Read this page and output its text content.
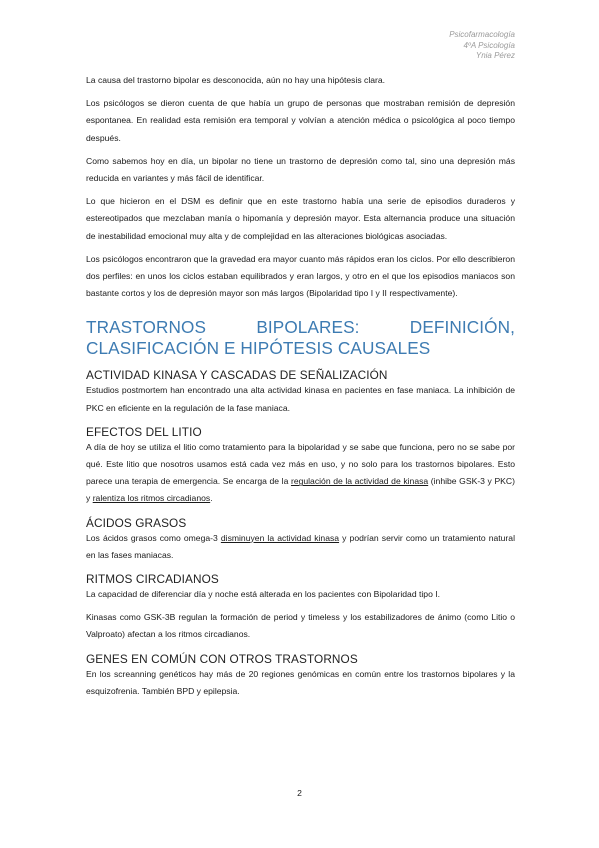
Psicofarmacología
4ºA Psicología
Ynia Pérez

La causa del trastorno bipolar es desconocida, aún no hay una hipótesis clara.

Los psicólogos se dieron cuenta de que había un grupo de personas que mostraban remisión de depresión espontanea. En realidad esta remisión era temporal y volvían a atención médica o psicológica al poco tiempo después.

Como sabemos hoy en día, un bipolar no tiene un trastorno de depresión como tal, sino una depresión más reducida en variantes y más fácil de identificar.

Lo que hicieron en el DSM es definir que en este trastorno había una serie de episodios duraderos y estereotipados que mezclaban manía o hipomanía y depresión mayor. Esta alternancia produce una situación de inestabilidad emocional muy alta y de complejidad en las alteraciones biológicas asociadas.

Los psicólogos encontraron que la gravedad era mayor cuanto más rápidos eran los ciclos. Por ello describieron dos perfiles: en unos los ciclos estaban equilibrados y eran largos, y otro en el que los episodios maniacos son bastante cortos y los de depresión mayor son más largos (Bipolaridad tipo I y II respectivamente).

TRASTORNOS BIPOLARES: DEFINICIÓN,
CLASIFICACIÓN E HIPÓTESIS CAUSALES
ACTIVIDAD KINASA Y CASCADAS DE SEÑALIZACIÓN

Estudios postmortem han encontrado una alta actividad kinasa en pacientes en fase maniaca. La inhibición de PKC en eficiente en la regulación de la fase maniaca.

EFECTOS DEL LITIO

A día de hoy se utiliza el litio como tratamiento para la bipolaridad y se sabe que funciona, pero no se sabe por qué. Este litio que nosotros usamos está cada vez más en uso, y no solo para los trastornos bipolares. Esto parece una terapia de emergencia. Se encarga de la regulación de la actividad de kinasa (inhibe GSK-3 y PKC) y ralentiza los ritmos circadianos.

ÁCIDOS GRASOS

Los ácidos grasos como omega-3 disminuyen la actividad kinasa y podrían servir como un tratamiento natural en las fases maniacas.

RITMOS CIRCADIANOS

La capacidad de diferenciar día y noche está alterada en los pacientes con Bipolaridad tipo I.

Kinasas como GSK-3B regulan la formación de period y timeless y los estabilizadores de ánimo (como Litio o Valproato) afectan a los ritmos circadianos.

GENES EN COMÚN CON OTROS TRASTORNOS

En los screanning genéticos hay más de 20 regiones genómicas en común entre los trastornos bipolares y la esquizofrenia. También BPD y epilepsia.

2
